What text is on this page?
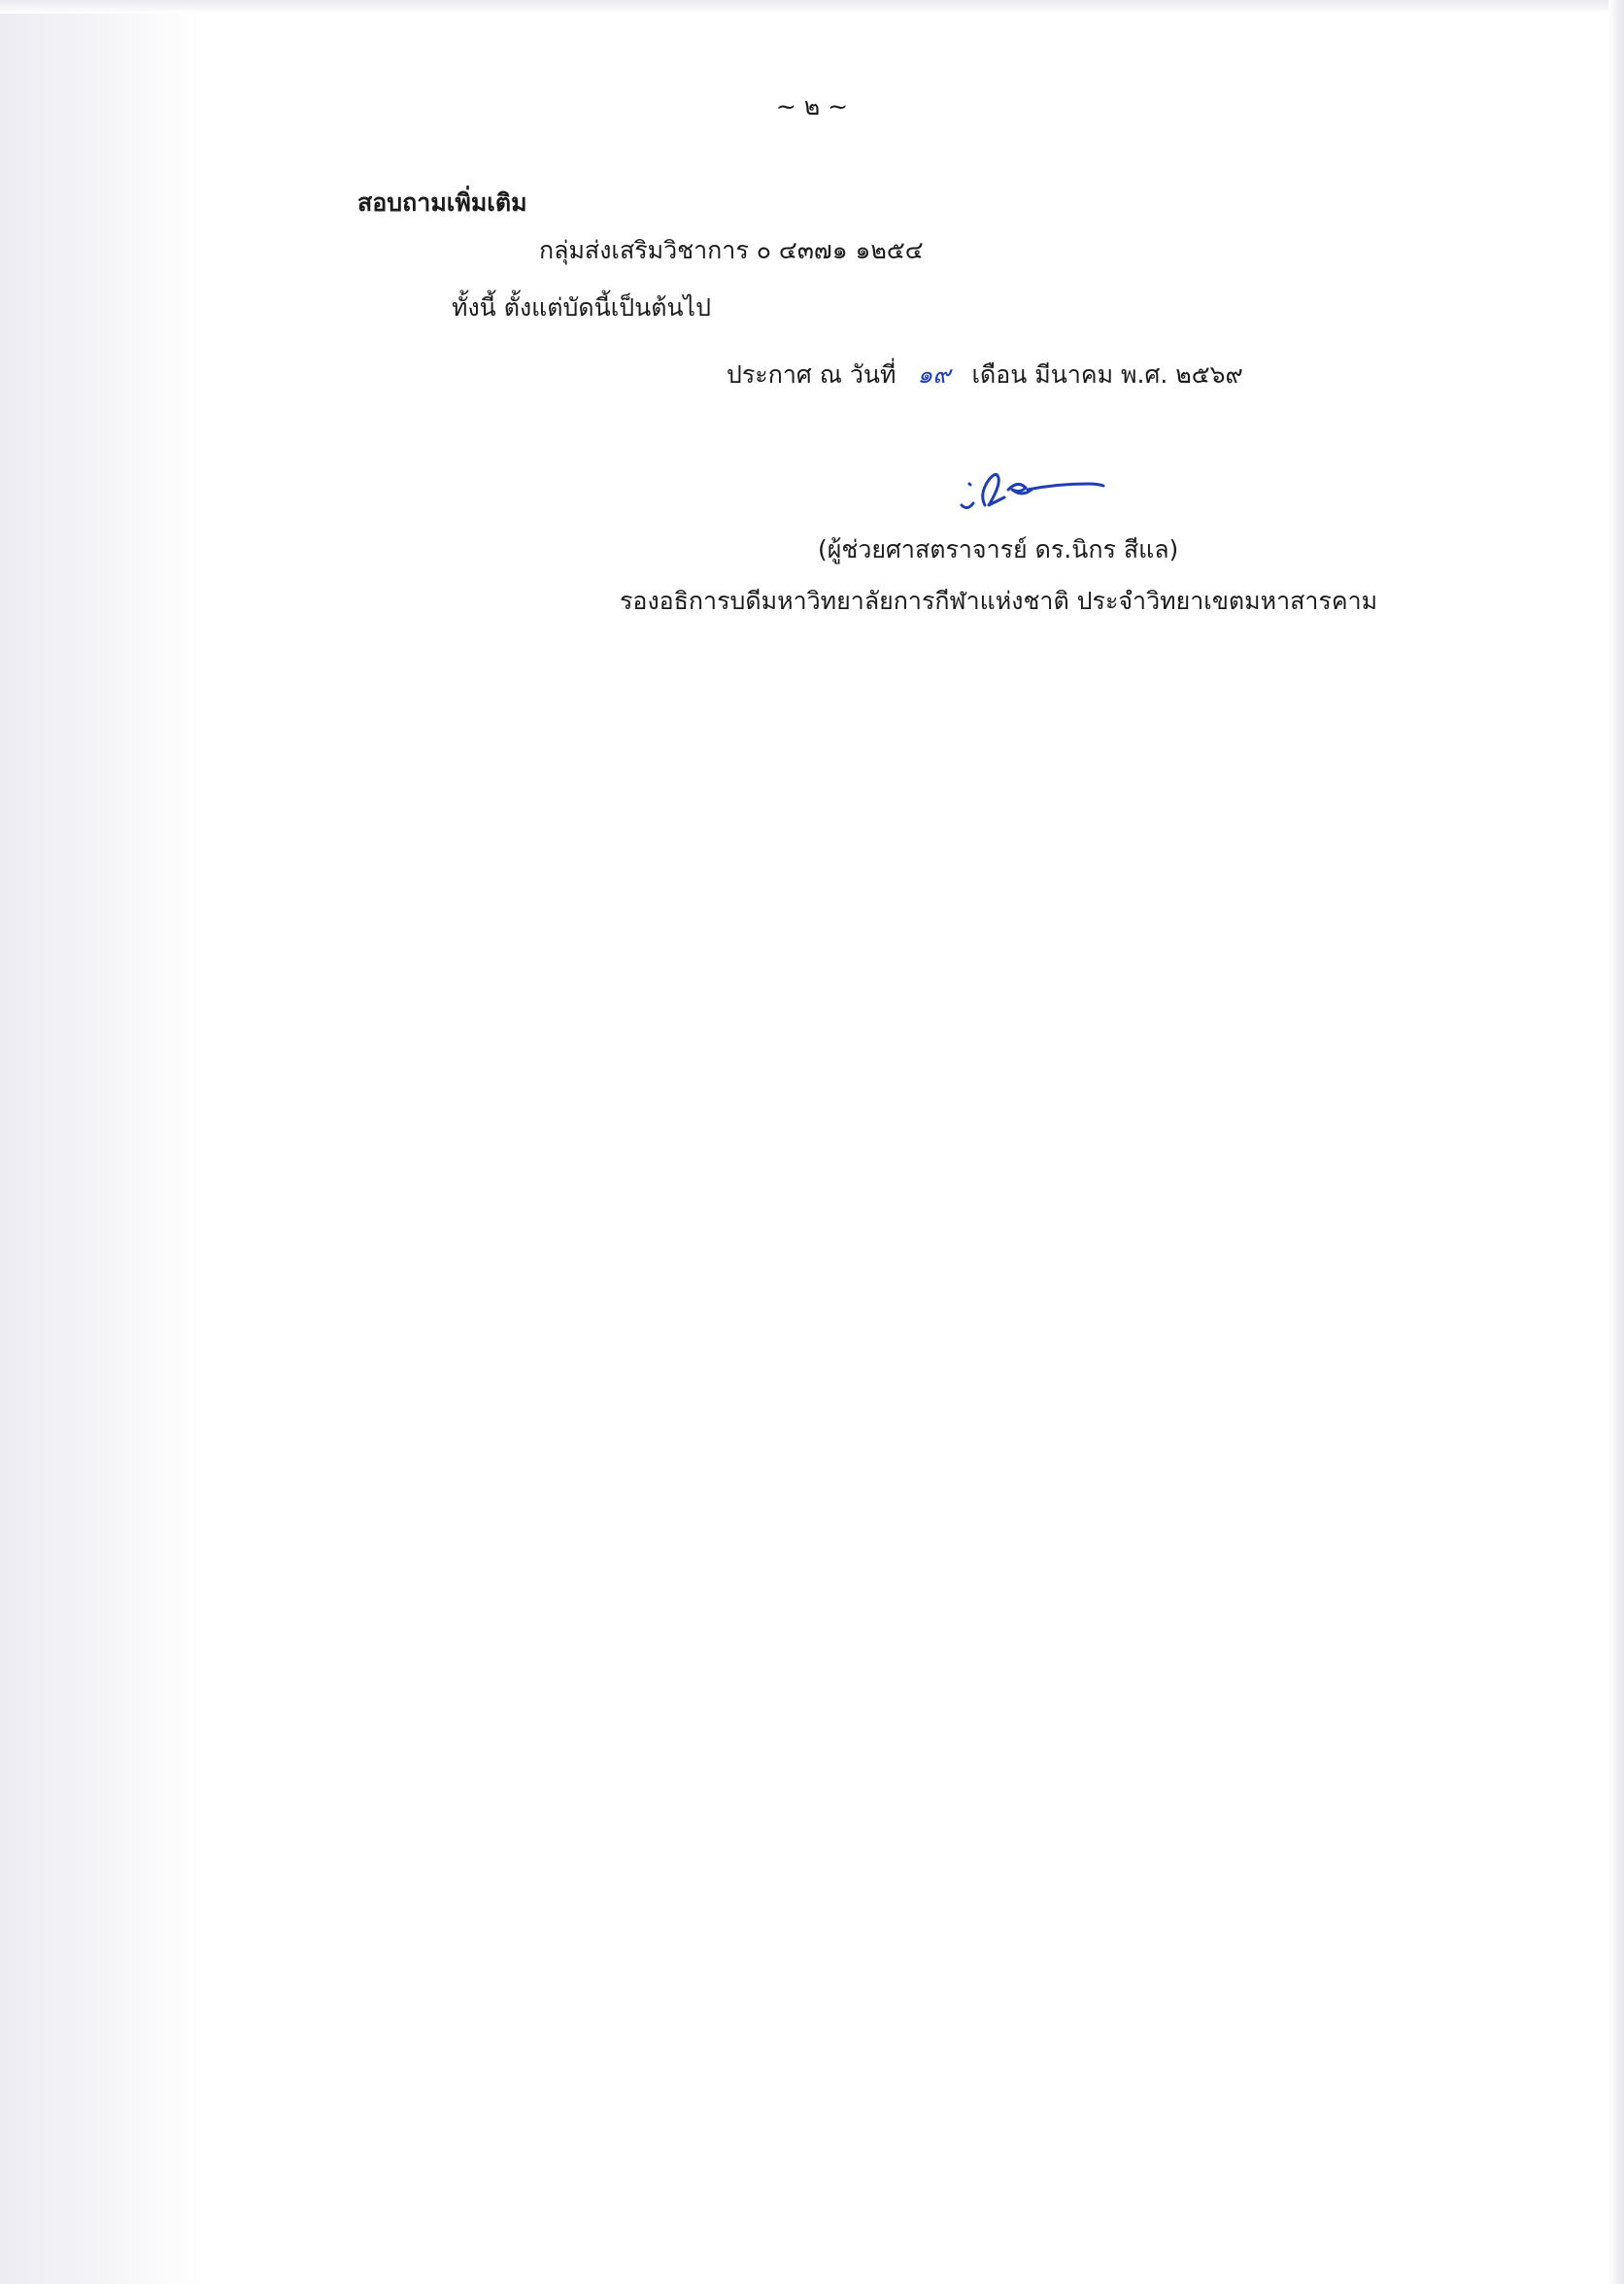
~ ๒ ~
สอบถามเพิ่มเติม
กลุ่มส่งเสริมวิชาการ ๐ ๔๓๗๑ ๑๒๕๔
ทั้งนี้ ตั้งแต่บัดนี้เป็นต้นไป
ประกาศ ณ วันที่ ๑๙ เดือน มีนาคม พ.ศ. ๒๕๖๙
(ผู้ช่วยศาสตราจารย์ ดร.นิกร สีแล)
รองอธิการบดีมหาวิทยาลัยการกีฬาแห่งชาติ ประจำวิทยาเขตมหาสารคาม
